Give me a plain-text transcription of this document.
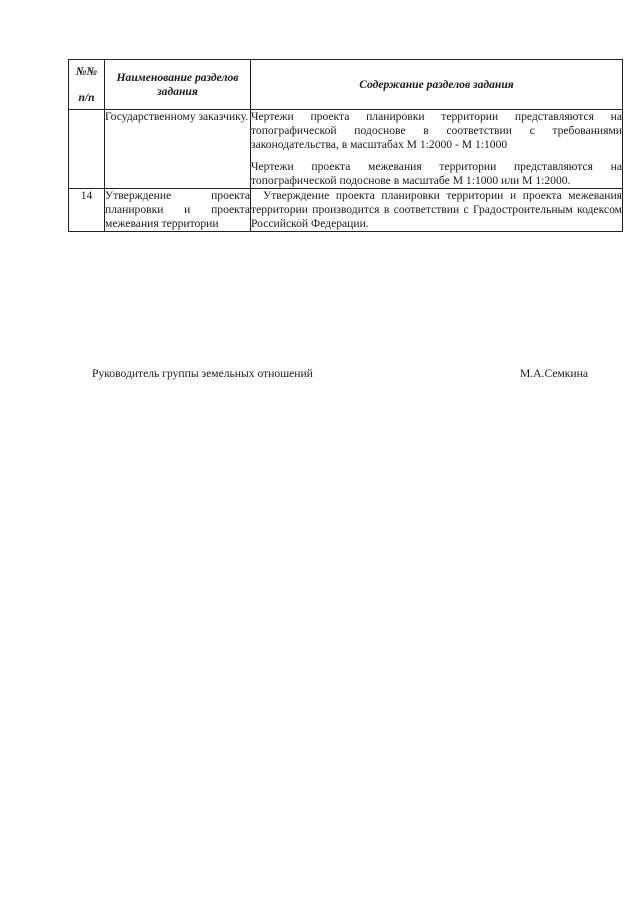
№№
п/п	Наименование разделов задания	Содержание разделов задания
	Государственному заказчику.	Чертежи проекта планировки территории представляются на топографической подоснове в соответствии с требованиями законодательства, в масштабах М 1:2000 - М 1:1000

Чертежи проекта межевания территории представляются на топографической подоснове в масштабе М 1:1000 или М 1:2000.

14	Утверждение проекта планировки и проекта межевания территории	Утверждение проекта планировки территории и проекта межевания территории производится в соответствии с Градостроительным кодексом Российской Федерации.

Руководитель группы земельных отношений	М.А.Семкина
